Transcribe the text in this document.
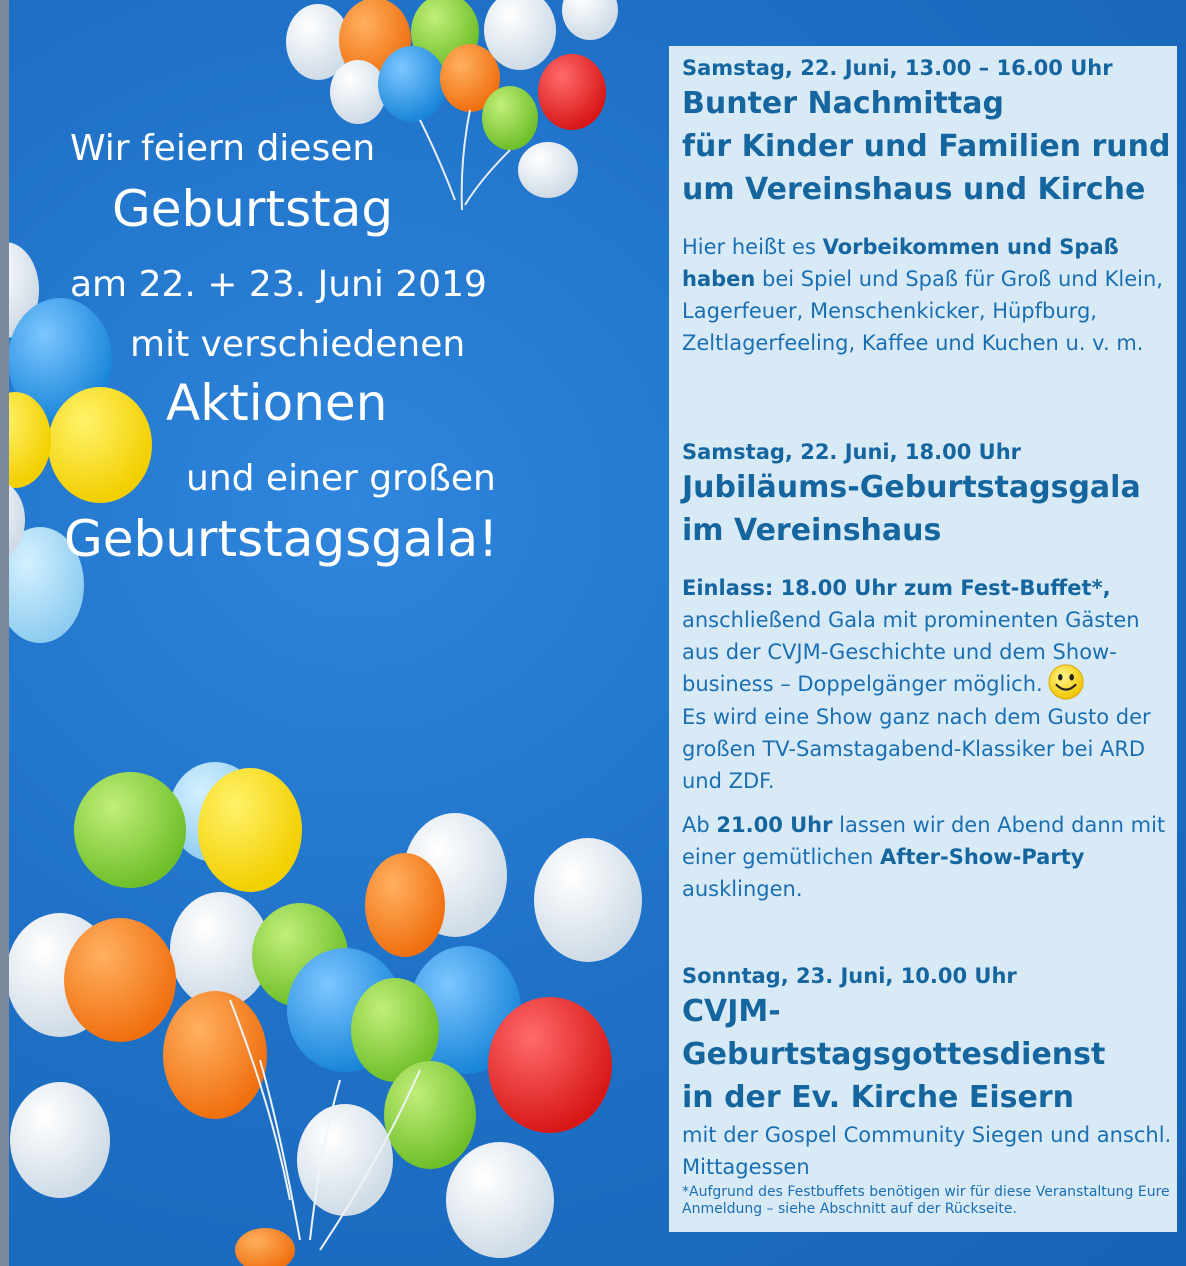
Wir feiern diesen
Geburtstag
am 22. + 23. Juni 2019
mit verschiedenen
Aktionen
und einer großen
Geburtstagsgala!

Samstag, 22. Juni, 13.00 – 16.00 Uhr

Bunter Nachmittag
für Kinder und Familien rund
um Vereinshaus und Kirche

Hier heißt es Vorbeikommen und Spaß haben bei Spiel und Spaß für Groß und Klein, Lagerfeuer, Menschenkicker, Hüpfburg, Zeltlagerfeeling, Kaffee und Kuchen u. v. m.

Samstag, 22. Juni, 18.00 Uhr

Jubiläums-Geburtstagsgala
im Vereinshaus

Einlass: 18.00 Uhr zum Fest-Buffet*,
anschließend Gala mit prominenten Gästen aus der CVJM-Geschichte und dem Show-business – Doppelgänger möglich.
Es wird eine Show ganz nach dem Gusto der großen TV-Samstagabend-Klassiker bei ARD und ZDF.

Ab 21.00 Uhr lassen wir den Abend dann mit einer gemütlichen After-Show-Party ausklingen.

Sonntag, 23. Juni, 10.00 Uhr

CVJM-Geburtstagsgottesdienst
in der Ev. Kirche Eisern

mit der Gospel Community Siegen und anschl. Mittagessen

*Aufgrund des Festbuffets benötigen wir für diese Veranstaltung Eure Anmeldung – siehe Abschnitt auf der Rückseite.
